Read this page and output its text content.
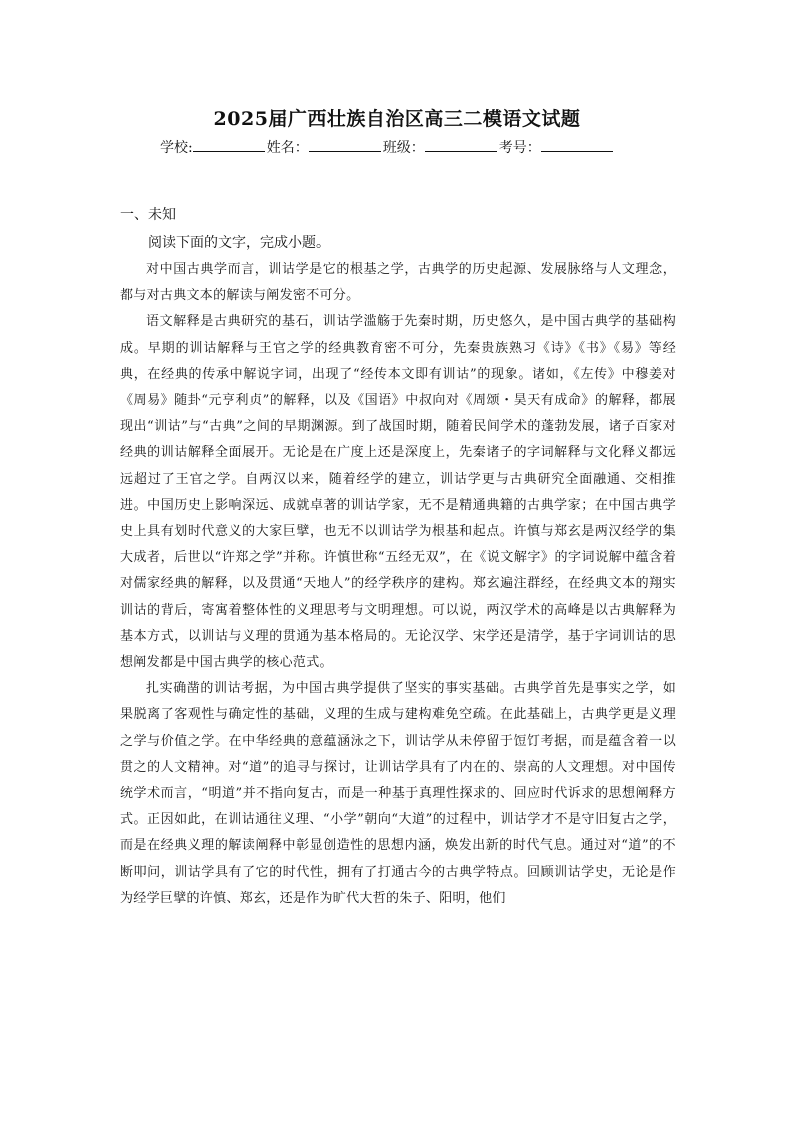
2025届广西壮族自治区高三二模语文试题
学校:	姓名：	班级：	考号：
一、未知
阅读下面的文字，完成小题。

对中国古典学而言，训诂学是它的根基之学，古典学的历史起源、发展脉络与人文理念，都与对古典文本的解读与阐发密不可分。

语文解释是古典研究的基石，训诂学滥觞于先秦时期，历史悠久，是中国古典学的基础构成。早期的训诂解释与王官之学的经典教育密不可分，先秦贵族熟习《诗》《书》《易》等经典，在经典的传承中解说字词，出现了“经传本文即有训诂”的现象。诸如，《左传》中穆姜对《周易》随卦“元亨利贞”的解释，以及《国语》中叔向对《周颂・昊天有成命》的解释，都展现出“训诂”与“古典”之间的早期渊源。到了战国时期，随着民间学术的蓬勃发展，诸子百家对经典的训诂解释全面展开。无论是在广度上还是深度上，先秦诸子的字词解释与文化释义都远远超过了王官之学。自两汉以来，随着经学的建立，训诂学更与古典研究全面融通、交相推进。中国历史上影响深远、成就卓著的训诂学家，无不是精通典籍的古典学家；在中国古典学史上具有划时代意义的大家巨擘，也无不以训诂学为根基和起点。许慎与郑玄是两汉经学的集大成者，后世以“许郑之学”并称。许慎世称“五经无双”，在《说文解字》的字词说解中蕴含着对儒家经典的解释，以及贯通“天地人”的经学秩序的建构。郑玄遍注群经，在经典文本的翔实训诂的背后，寄寓着整体性的义理思考与文明理想。可以说，两汉学术的高峰是以古典解释为基本方式，以训诂与义理的贯通为基本格局的。无论汉学、宋学还是清学，基于字词训诂的思想阐发都是中国古典学的核心范式。

扎实确凿的训诂考据，为中国古典学提供了坚实的事实基础。古典学首先是事实之学，如果脱离了客观性与确定性的基础，义理的生成与建构难免空疏。在此基础上，古典学更是义理之学与价值之学。在中华经典的意蕴涵泳之下，训诂学从未停留于饾饤考据，而是蕴含着一以贯之的人文精神。对“道”的追寻与探讨，让训诂学具有了内在的、崇高的人文理想。对中国传统学术而言，“明道”并不指向复古，而是一种基于真理性探求的、回应时代诉求的思想阐释方式。正因如此，在训诂通往义理、“小学”朝向“大道”的过程中，训诂学才不是守旧复古之学，而是在经典义理的解读阐释中彰显创造性的思想内涵，焕发出新的时代气息。通过对“道”的不断叩问，训诂学具有了它的时代性，拥有了打通古今的古典学特点。回顾训诂学史，无论是作为经学巨擘的许慎、郑玄，还是作为旷代大哲的朱子、阳明，他们
